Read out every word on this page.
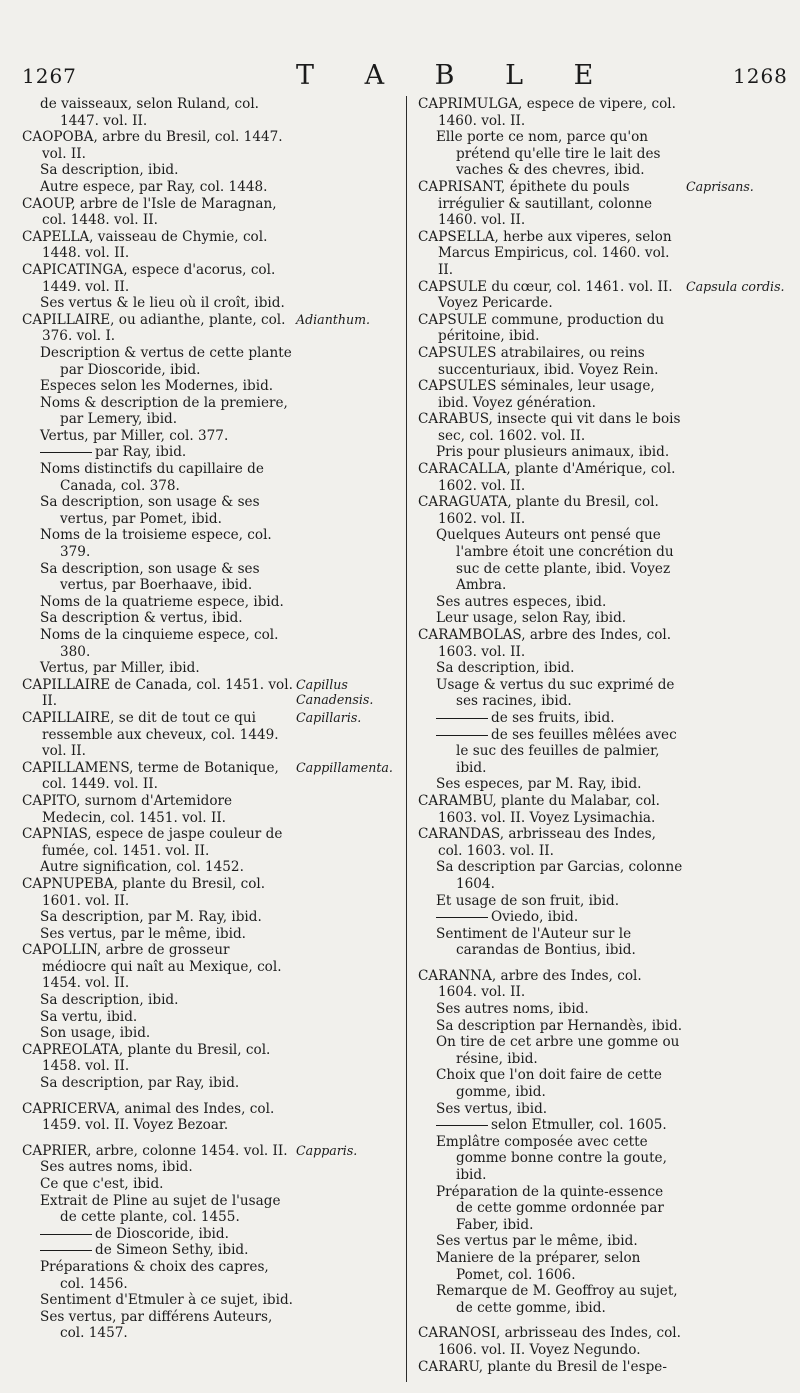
1267	T A B L E	1268
de vaisseaux, selon Ruland, col. 1447. vol. II.
CAOPOBA, arbre du Bresil, col. 1447. vol. II.
Sa description, ibid.
Autre espece, par Ray, col. 1448.
CAOUP, arbre de l'Isle de Maragnan, col. 1448. vol. II.
CAPELLA, vaisseau de Chymie, col. 1448. vol. II.
CAPICATINGA, espece d'acorus, col. 1449. vol. II.
Ses vertus & le lieu où il croît, ibid.
CAPILLAIRE, ou adianthe, plante, col. 376. vol. I.
Adianthum.
Description & vertus de cette plante par Dioscoride, ibid.
Especes selon les Modernes, ibid.
Noms & description de la premiere, par Lemery, ibid.
Vertus, par Miller, col. 377.
par Ray, ibid.
Noms distinctifs du capillaire de Canada, col. 378.
Sa description, son usage & ses vertus, par Pomet, ibid.
Noms de la troisieme espece, col. 379.
Sa description, son usage & ses vertus, par Boerhaave, ibid.
Noms de la quatrieme espece, ibid.
Sa description & vertus, ibid.
Noms de la cinquieme espece, col. 380.
Vertus, par Miller, ibid.
CAPILLAIRE de Canada, col. 1451. vol. II.
Capillus Canadensis.
CAPILLAIRE, se dit de tout ce qui ressemble aux cheveux, col. 1449. vol. II.
Capillaris.
CAPILLAMENS, terme de Botanique, col. 1449. vol. II.
Cappillamenta.
CAPITO, surnom d'Artemidore Medecin, col. 1451. vol. II.
CAPNIAS, espece de jaspe couleur de fumée, col. 1451. vol. II.
Autre signification, col. 1452.
CAPNUPEBA, plante du Bresil, col. 1601. vol. II.
Sa description, par M. Ray, ibid.
Ses vertus, par le même, ibid.
CAPOLLIN, arbre de grosseur médiocre qui naît au Mexique, col. 1454. vol. II.
Sa description, ibid.
Sa vertu, ibid.
Son usage, ibid.
CAPREOLATA, plante du Bresil, col. 1458. vol. II.
Sa description, par Ray, ibid.
CAPRICERVA, animal des Indes, col. 1459. vol. II. Voyez Bezoar.
CAPRIER, arbre, colonne 1454. vol. II. Capparis.
Ses autres noms, ibid.
Ce que c'est, ibid.
Extrait de Pline au sujet de l'usage de cette plante, col. 1455.
de Dioscoride, ibid.
de Simeon Sethy, ibid.
Préparations & choix des capres, col. 1456.
Sentiment d'Etmuler à ce sujet, ibid.
Ses vertus, par différens Auteurs, col. 1457.
CAPRIMULGA, espece de vipere, col. 1460. vol. II.
Elle porte ce nom, parce qu'on prétend qu'elle tire le lait des vaches & des chevres, ibid.
CAPRISANT, épithete du pouls irrégulier & sautillant, colonne 1460. vol. II.
Caprisans.
CAPSELLA, herbe aux viperes, selon Marcus Empiricus, col. 1460. vol. II.
CAPSULE du cœur, col. 1461. vol. II. Voyez Pericarde.
Capsula cordis.
CAPSULE commune, production du péritoine, ibid.
CAPSULES atrabilaires, ou reins succenturiaux, ibid. Voyez Rein.
CAPSULES séminales, leur usage, ibid. Voyez génération.
CARABUS, insecte qui vit dans le bois sec, col. 1602. vol. II.
Pris pour plusieurs animaux, ibid.
CARACALLA, plante d'Amérique, col. 1602. vol. II.
CARAGUATA, plante du Bresil, col. 1602. vol. II.
Quelques Auteurs ont pensé que l'ambre étoit une concrétion du suc de cette plante, ibid. Voyez Ambra.
Ses autres especes, ibid.
Leur usage, selon Ray, ibid.
CARAMBOLAS, arbre des Indes, col. 1603. vol. II.
Sa description, ibid.
Usage & vertus du suc exprimé de ses racines, ibid.
de ses fruits, ibid.
de ses feuilles mêlées avec le suc des feuilles de palmier, ibid.
Ses especes, par M. Ray, ibid.
CARAMBU, plante du Malabar, col. 1603. vol. II. Voyez Lysimachia.
CARANDAS, arbrisseau des Indes, col. 1603. vol. II.
Sa description par Garcias, colonne 1604.
Et usage de son fruit, ibid.
Oviedo, ibid.
Sentiment de l'Auteur sur le carandas de Bontius, ibid.
CARANNA, arbre des Indes, col. 1604. vol. II.
Ses autres noms, ibid.
Sa description par Hernandès, ibid.
On tire de cet arbre une gomme ou résine, ibid.
Choix que l'on doit faire de cette gomme, ibid.
Ses vertus, ibid.
selon Etmuller, col. 1605.
Emplâtre composée avec cette gomme bonne contre la goute, ibid.
Préparation de la quinte-essence de cette gomme ordonnée par Faber, ibid.
Ses vertus par le même, ibid.
Maniere de la préparer, selon Pomet, col. 1606.
Remarque de M. Geoffroy au sujet, de cette gomme, ibid.
CARANOSI, arbrisseau des Indes, col. 1606. vol. II. Voyez Negundo.
CARARU, plante du Bresil de l'espe-
